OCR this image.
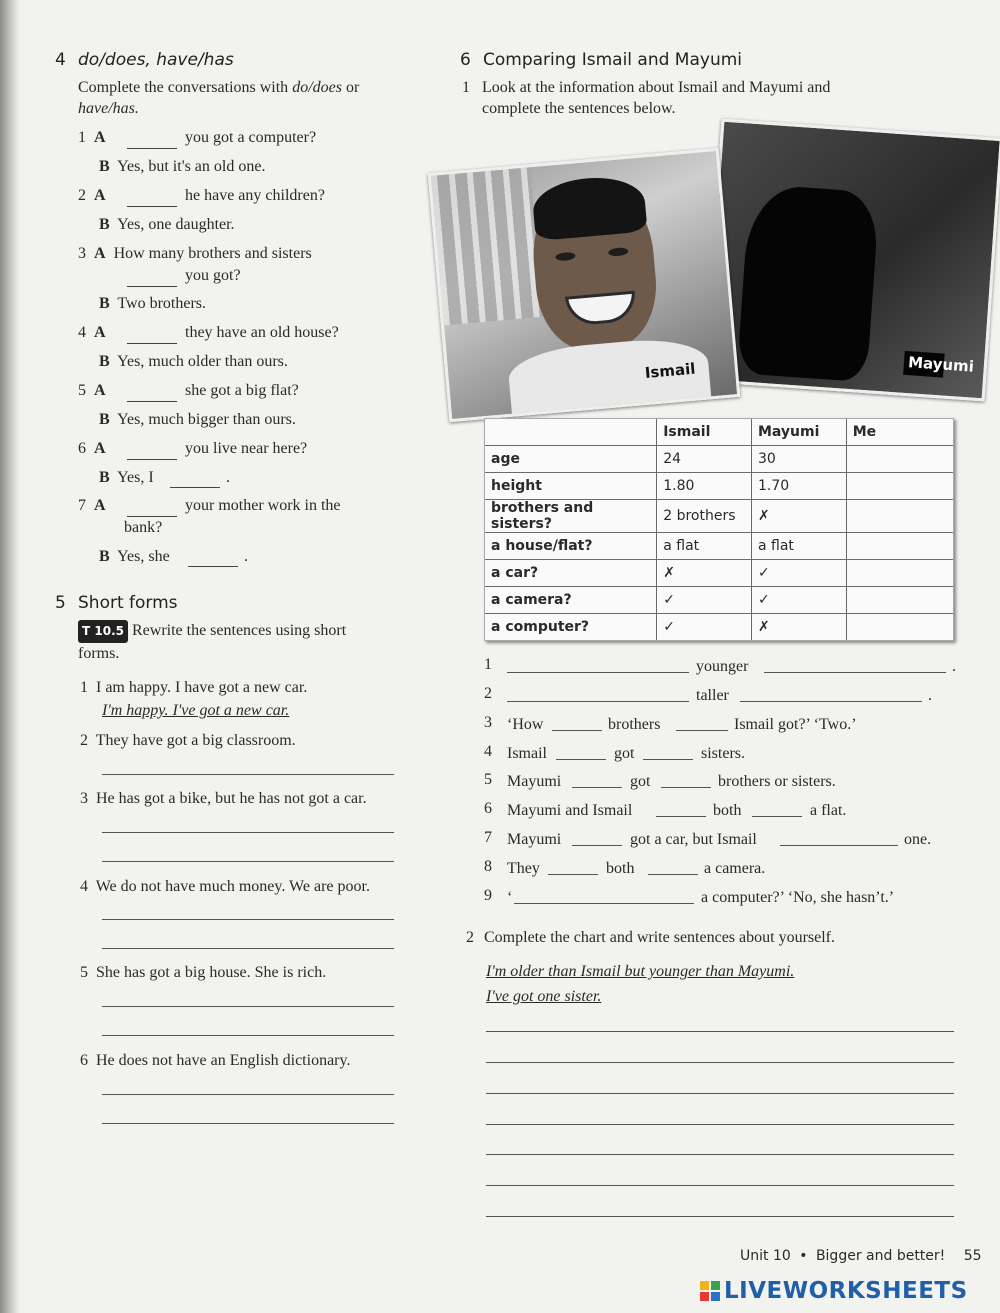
4 do/does, have/has
Complete the conversations with do/does or
have/has.
1 A	you got a computer?
B Yes, but it's an old one.
2 A	he have any children?
B Yes, one daughter.
3 A How many brothers and sisters
you got?
B Two brothers.
4 A	they have an old house?
B Yes, much older than ours.
5 A	she got a big flat?
B Yes, much bigger than ours.
6 A	you live near here?
B Yes, I	.
7 A	your mother work in the
bank?
B Yes, she	.
5 Short forms
T 10.5 Rewrite the sentences using short
forms.
1 I am happy. I have got a new car.
I'm happy. I've got a new car.
2 They have got a big classroom.
3 He has got a bike, but he has not got a car.
4 We do not have much money. We are poor.
5 She has got a big house. She is rich.
6 He does not have an English dictionary.
6 Comparing Ismail and Mayumi
1 Look at the information about Ismail and Mayumi and
complete the sentences below.
Mayumi
Ismail
	Ismail	Mayumi	Me
age	24	30	
height	1.80	1.70	
brothers and sisters?	2 brothers	✗	
a house/flat?	a flat	a flat	
a car?	✗	✓	
a camera?	✓	✓	
a computer?	✓	✗	
1	younger	.
2	taller	.
3 ‘How	brothers	Ismail got?’ ‘Two.’
4 Ismail	got	sisters.
5 Mayumi	got	brothers or sisters.
6 Mayumi and Ismail	both	a flat.
7 Mayumi	got a car, but Ismail	one.
8 They	both	a camera.
9 ‘	a computer?’ ‘No, she hasn’t.’
2 Complete the chart and write sentences about yourself.
I'm older than Ismail but younger than Mayumi.
I've got one sister.
Unit 10 • Bigger and better! 55
LIVEWORKSHEETS
